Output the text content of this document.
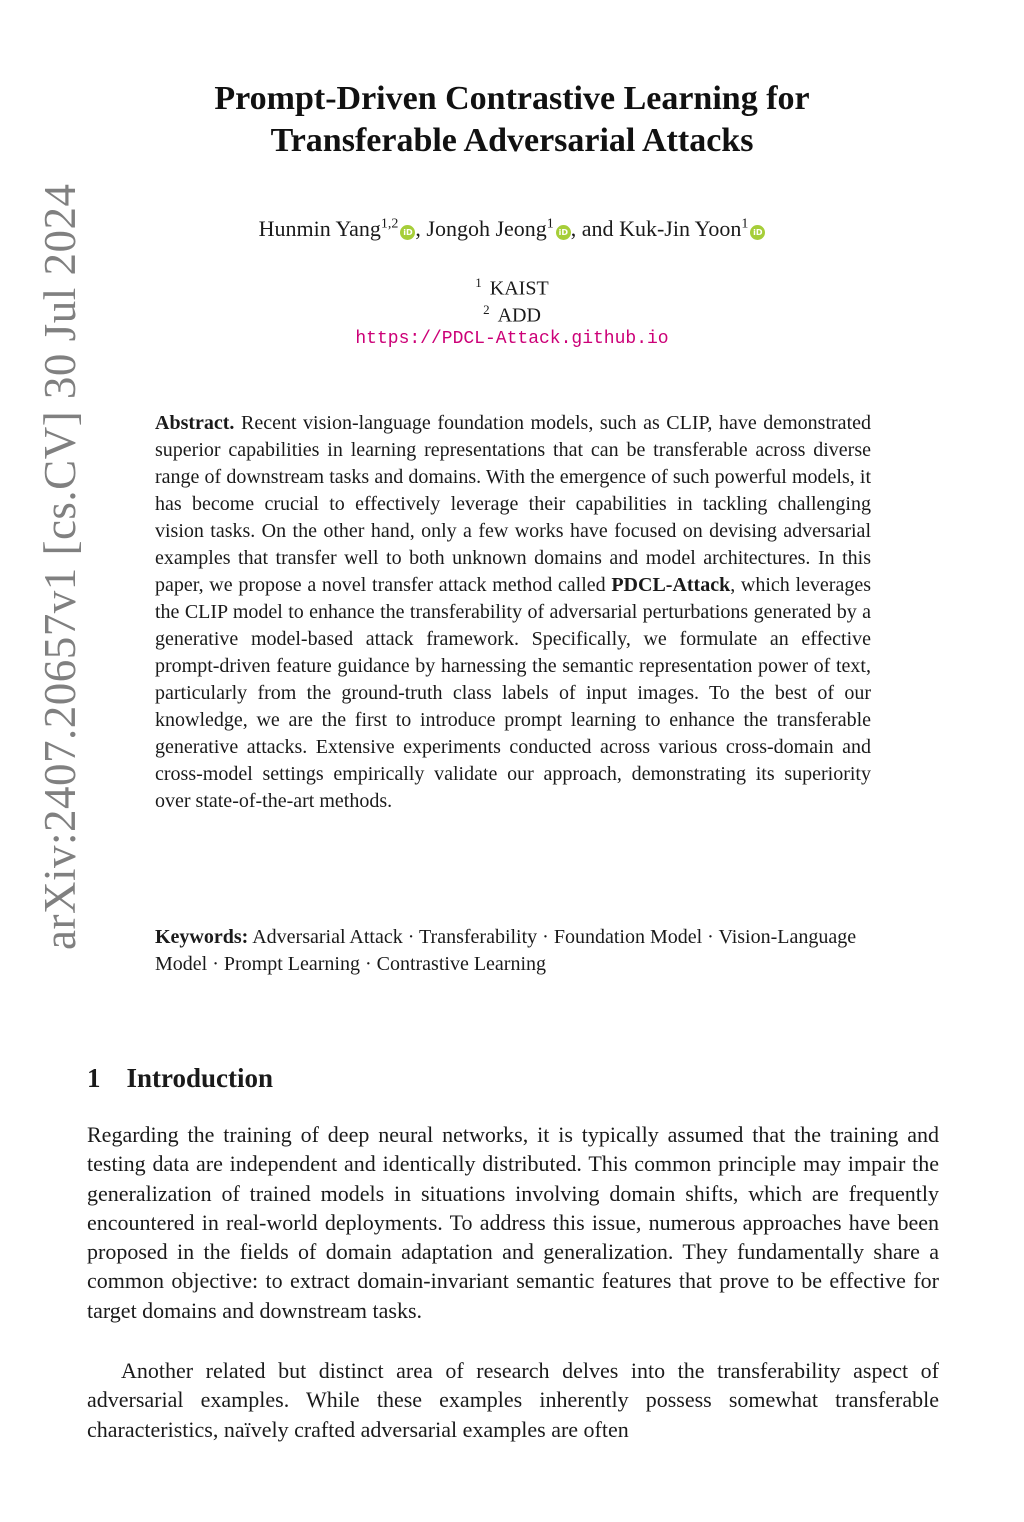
arXiv:2407.20657v1 [cs.CV] 30 Jul 2024
Prompt-Driven Contrastive Learning for
Transferable Adversarial Attacks
Hunmin Yang$^{1,2}$iD , Jongoh Jeong$^1$iD , and Kuk-Jin Yoon$^1$iD
$^1$ KAIST
$^2$ ADD
https://PDCL-Attack.github.io
Abstract. Recent vision-language foundation models, such as CLIP, have demonstrated superior capabilities in learning representations that can be transferable across diverse range of downstream tasks and domains. With the emergence of such powerful models, it has become crucial to effectively leverage their capabilities in tackling challenging vision tasks. On the other hand, only a few works have focused on devising adversarial examples that transfer well to both unknown domains and model architectures. In this paper, we propose a novel transfer attack method called PDCL-Attack, which leverages the CLIP model to enhance the transferability of adversarial perturbations generated by a generative model-based attack framework. Specifically, we formulate an effective prompt-driven feature guidance by harnessing the semantic representation power of text, particularly from the ground-truth class labels of input images. To the best of our knowledge, we are the first to introduce prompt learning to enhance the transferable generative attacks. Extensive experiments conducted across various cross-domain and cross-model settings empirically validate our approach, demonstrating its superiority over state-of-the-art methods.
Keywords: Adversarial Attack · Transferability · Foundation Model · Vision-Language Model · Prompt Learning · Contrastive Learning
1 Introduction

Regarding the training of deep neural networks, it is typically assumed that the training and testing data are independent and identically distributed. This common principle may impair the generalization of trained models in situations involving domain shifts, which are frequently encountered in real-world deployments. To address this issue, numerous approaches have been proposed in the fields of domain adaptation and generalization. They fundamentally share a common objective: to extract domain-invariant semantic features that prove to be effective for target domains and downstream tasks.

Another related but distinct area of research delves into the transferability aspect of adversarial examples. While these examples inherently possess somewhat transferable characteristics, naïvely crafted adversarial examples are often
